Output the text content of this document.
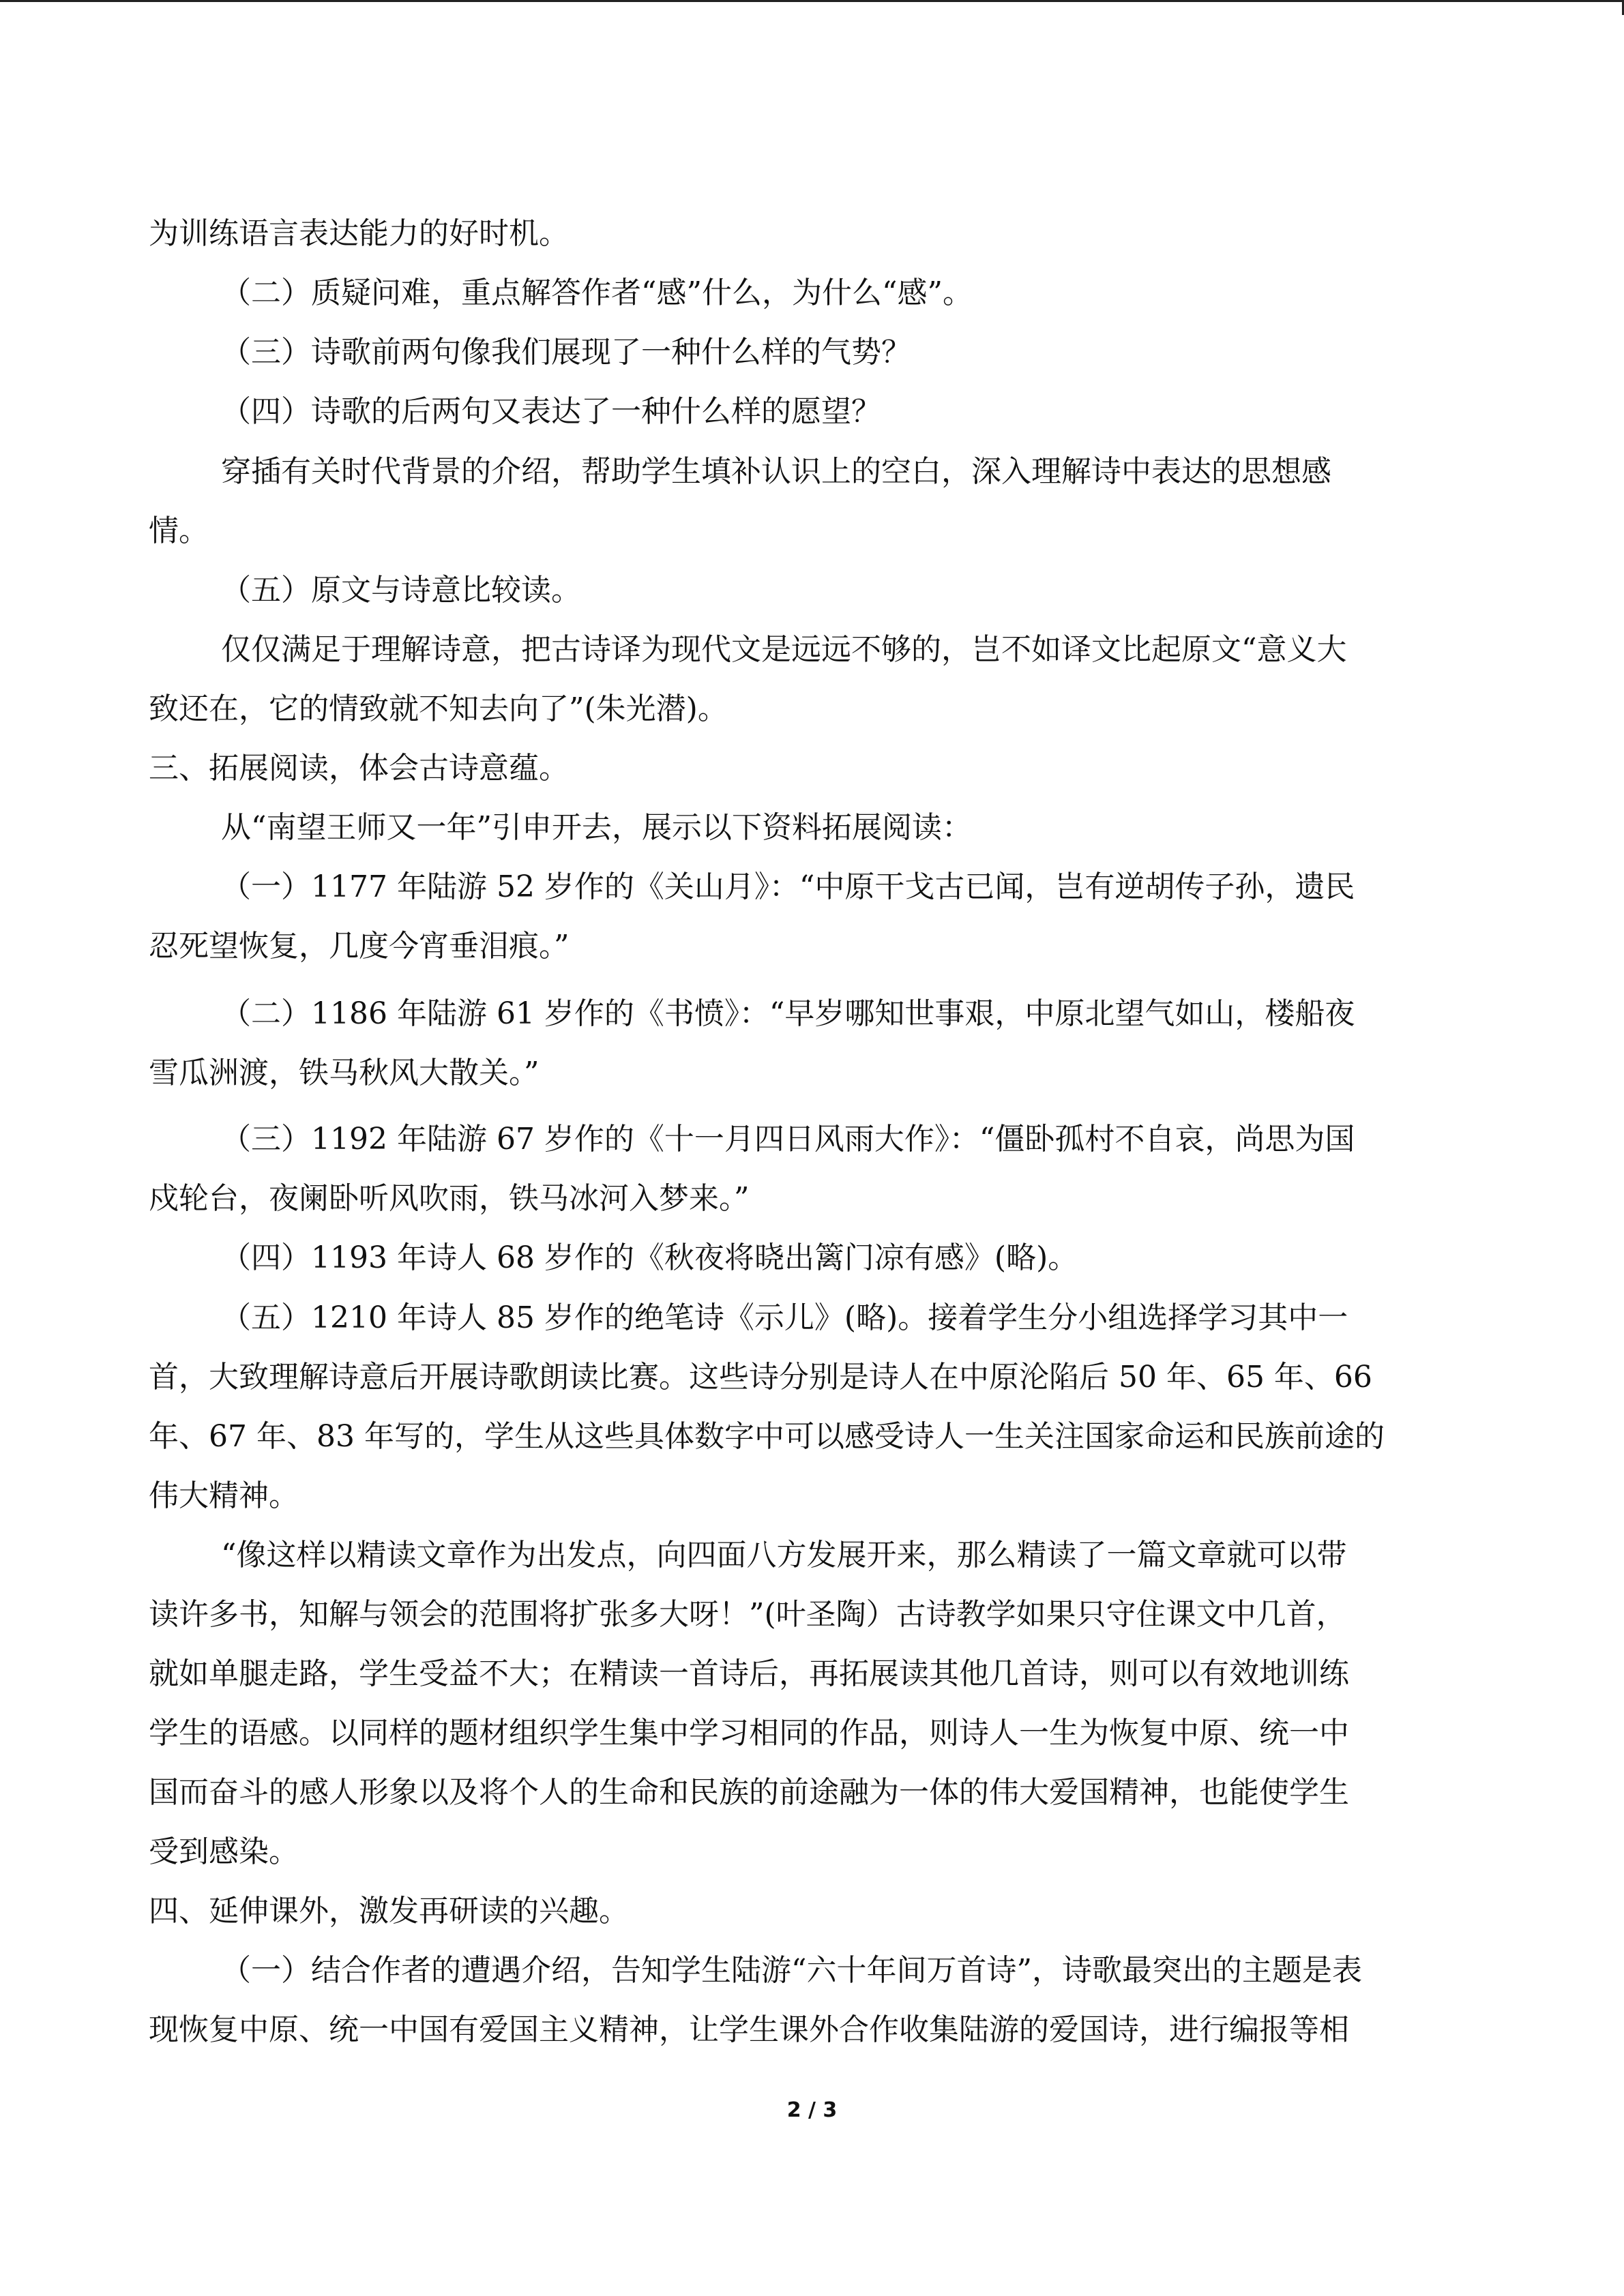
为训练语言表达能力的好时机。
（二）质疑问难，重点解答作者“感”什么，为什么“感”。
（三）诗歌前两句像我们展现了一种什么样的气势？
（四）诗歌的后两句又表达了一种什么样的愿望？
穿插有关时代背景的介绍，帮助学生填补认识上的空白，深入理解诗中表达的思想感
情。
（五）原文与诗意比较读。
仅仅满足于理解诗意，把古诗译为现代文是远远不够的，岂不如译文比起原文“意义大
致还在，它的情致就不知去向了”(朱光潜)。
三、拓展阅读，体会古诗意蕴。
从“南望王师又一年”引申开去，展示以下资料拓展阅读：
（一）1177 年陆游 52 岁作的《关山月》：“中原干戈古已闻，岂有逆胡传子孙，遗民
忍死望恢复，几度今宵垂泪痕。”
（二）1186 年陆游 61 岁作的《书愤》：“早岁哪知世事艰，中原北望气如山，楼船夜
雪瓜洲渡，铁马秋风大散关。”
（三）1192 年陆游 67 岁作的《十一月四日风雨大作》：“僵卧孤村不自哀，尚思为国
戍轮台，夜阑卧听风吹雨，铁马冰河入梦来。”
（四）1193 年诗人 68 岁作的《秋夜将晓出篱门凉有感》(略)。
（五）1210 年诗人 85 岁作的绝笔诗《示儿》(略)。接着学生分小组选择学习其中一
首，大致理解诗意后开展诗歌朗读比赛。这些诗分别是诗人在中原沦陷后 50 年、65 年、66
年、67 年、83 年写的，学生从这些具体数字中可以感受诗人一生关注国家命运和民族前途的
伟大精神。
“像这样以精读文章作为出发点，向四面八方发展开来，那么精读了一篇文章就可以带
读许多书，知解与领会的范围将扩张多大呀！”(叶圣陶）古诗教学如果只守住课文中几首，
就如单腿走路，学生受益不大；在精读一首诗后，再拓展读其他几首诗，则可以有效地训练
学生的语感。以同样的题材组织学生集中学习相同的作品，则诗人一生为恢复中原、统一中
国而奋斗的感人形象以及将个人的生命和民族的前途融为一体的伟大爱国精神，也能使学生
受到感染。
四、延伸课外，激发再研读的兴趣。
（一）结合作者的遭遇介绍，告知学生陆游“六十年间万首诗”，诗歌最突出的主题是表
现恢复中原、统一中国有爱国主义精神，让学生课外合作收集陆游的爱国诗，进行编报等相
2 / 3
